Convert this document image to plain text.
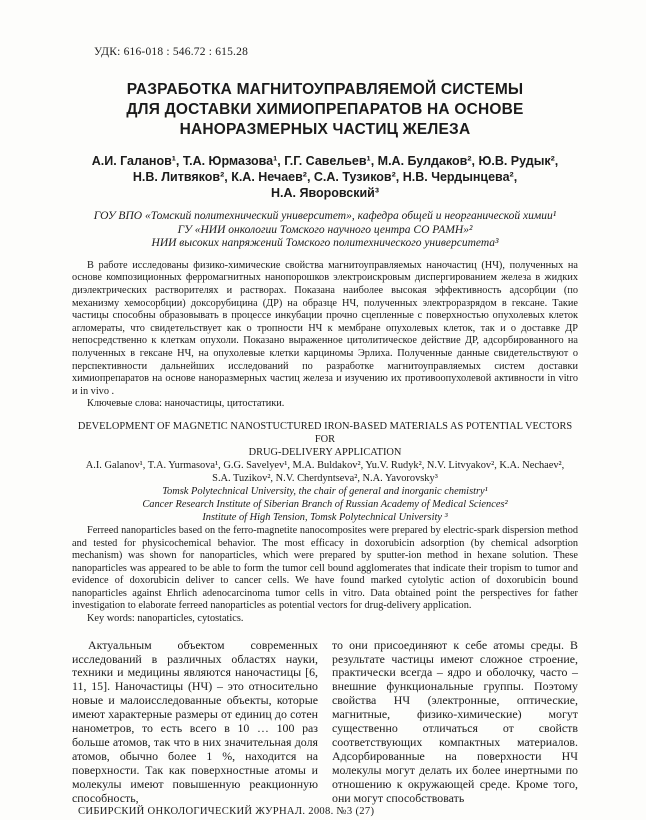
УДК: 616-018 : 546.72 : 615.28
РАЗРАБОТКА МАГНИТОУПРАВЛЯЕМОЙ СИСТЕМЫ
ДЛЯ ДОСТАВКИ ХИМИОПРЕПАРАТОВ НА ОСНОВЕ
НАНОРАЗМЕРНЫХ ЧАСТИЦ ЖЕЛЕЗА
А.И. Галанов¹, Т.А. Юрмазова¹, Г.Г. Савельев¹, М.А. Булдаков², Ю.В. Рудык²,
Н.В. Литвяков², К.А. Нечаев², С.А. Тузиков², Н.В. Чердынцева²,
Н.А. Яворовский³
ГОУ ВПО «Томский политехнический университет», кафедра общей и неорганической химии¹
ГУ «НИИ онкологии Томского научного центра СО РАМН»²
НИИ высоких напряжений Томского политехнического университета³

В работе исследованы физико-химические свойства магнитоуправляемых наночастиц (НЧ), полученных на основе композиционных ферромагнитных нанопорошков электроискровым диспергированием железа в жидких диэлектрических растворителях и растворах. Показана наиболее высокая эффективность адсорбции (по механизму хемосорбции) доксорубицина (ДР) на образце НЧ, полученных электроразрядом в гексане. Такие частицы способны образовывать в процессе инкубации прочно сцепленные с поверхностью опухолевых клеток агломераты, что свидетельствует как о тропности НЧ к мембране опухолевых клеток, так и о доставке ДР непосредственно к клеткам опухоли. Показано выраженное цитолитическое действие ДР, адсорбированного на полученных в гексане НЧ, на опухолевые клетки карциномы Эрлиха. Полученные данные свидетельствуют о перспективности дальнейших исследований по разработке магнитоуправляемых систем доставки химиопрепаратов на основе наноразмерных частиц железа и изучению их противоопухолевой активности in vitro и in vivo .

Ключевые слова: наночастицы, цитостатики.

DEVELOPMENT OF MAGNETIC NANOSTUCTURED IRON-BASED MATERIALS AS POTENTIAL VECTORS FOR
DRUG-DELIVERY APPLICATION
A.I. Galanov¹, T.A. Yurmasova¹, G.G. Savelyev¹, M.A. Buldakov², Yu.V. Rudyk², N.V. Litvyakov², K.A. Nechaev²,
S.A. Tuzikov², N.V. Cherdyntseva², N.A. Yavorovsky³
Tomsk Polytechnical University, the chair of general and inorganic chemistry¹
Cancer Research Institute of Siberian Branch of Russian Academy of Medical Sciences²
Institute of High Tension, Tomsk Polytechnical University ³

Ferreed nanoparticles based on the ferro-magnetite nanocomposites were prepared by electric-spark dispersion method and tested for physicochemical behavior. The most efficacy in doxorubicin adsorption (by chemical adsorption mechanism) was shown for nanoparticles, which were prepared by sputter-ion method in hexane solution. These nanoparticles was appeared to be able to form the tumor cell bound agglomerates that indicate their tropism to tumor and evidence of doxorubicin deliver to cancer cells. We have found marked cytolytic action of doxorubicin bound nanoparticles against Ehrlich adenocarcinoma tumor cells in vitro. Data obtained point the perspectives for father investigation to elaborate ferreed nanoparticles as potential vectors for drug-delivery application.

Key words: nanoparticles, cytostatics.

Актуальным объектом современных исследований в различных областях науки, техники и медицины являются наночастицы [6, 11, 15]. Наночастицы (НЧ) – это относительно новые и малоисследованные объекты, которые имеют характерные размеры от единиц до сотен нанометров, то есть всего в 10 … 100 раз больше атомов, так что в них значительная доля атомов, обычно более 1 %, находится на поверхности. Так как поверхностные атомы и молекулы имеют повышенную реакционную способность,

то они присоединяют к себе атомы среды. В результате частицы имеют сложное строение, практически всегда – ядро и оболочку, часто – внешние функциональные группы. Поэтому свойства НЧ (электронные, оптические, магнитные, физико-химические) могут существенно отличаться от свойств соответствующих компактных материалов. Адсорбированные на поверхности НЧ молекулы могут делать их более инертными по отношению к окружающей среде. Кроме того, они могут способствовать

СИБИРСКИЙ ОНКОЛОГИЧЕСКИЙ ЖУРНАЛ. 2008. №3 (27)
